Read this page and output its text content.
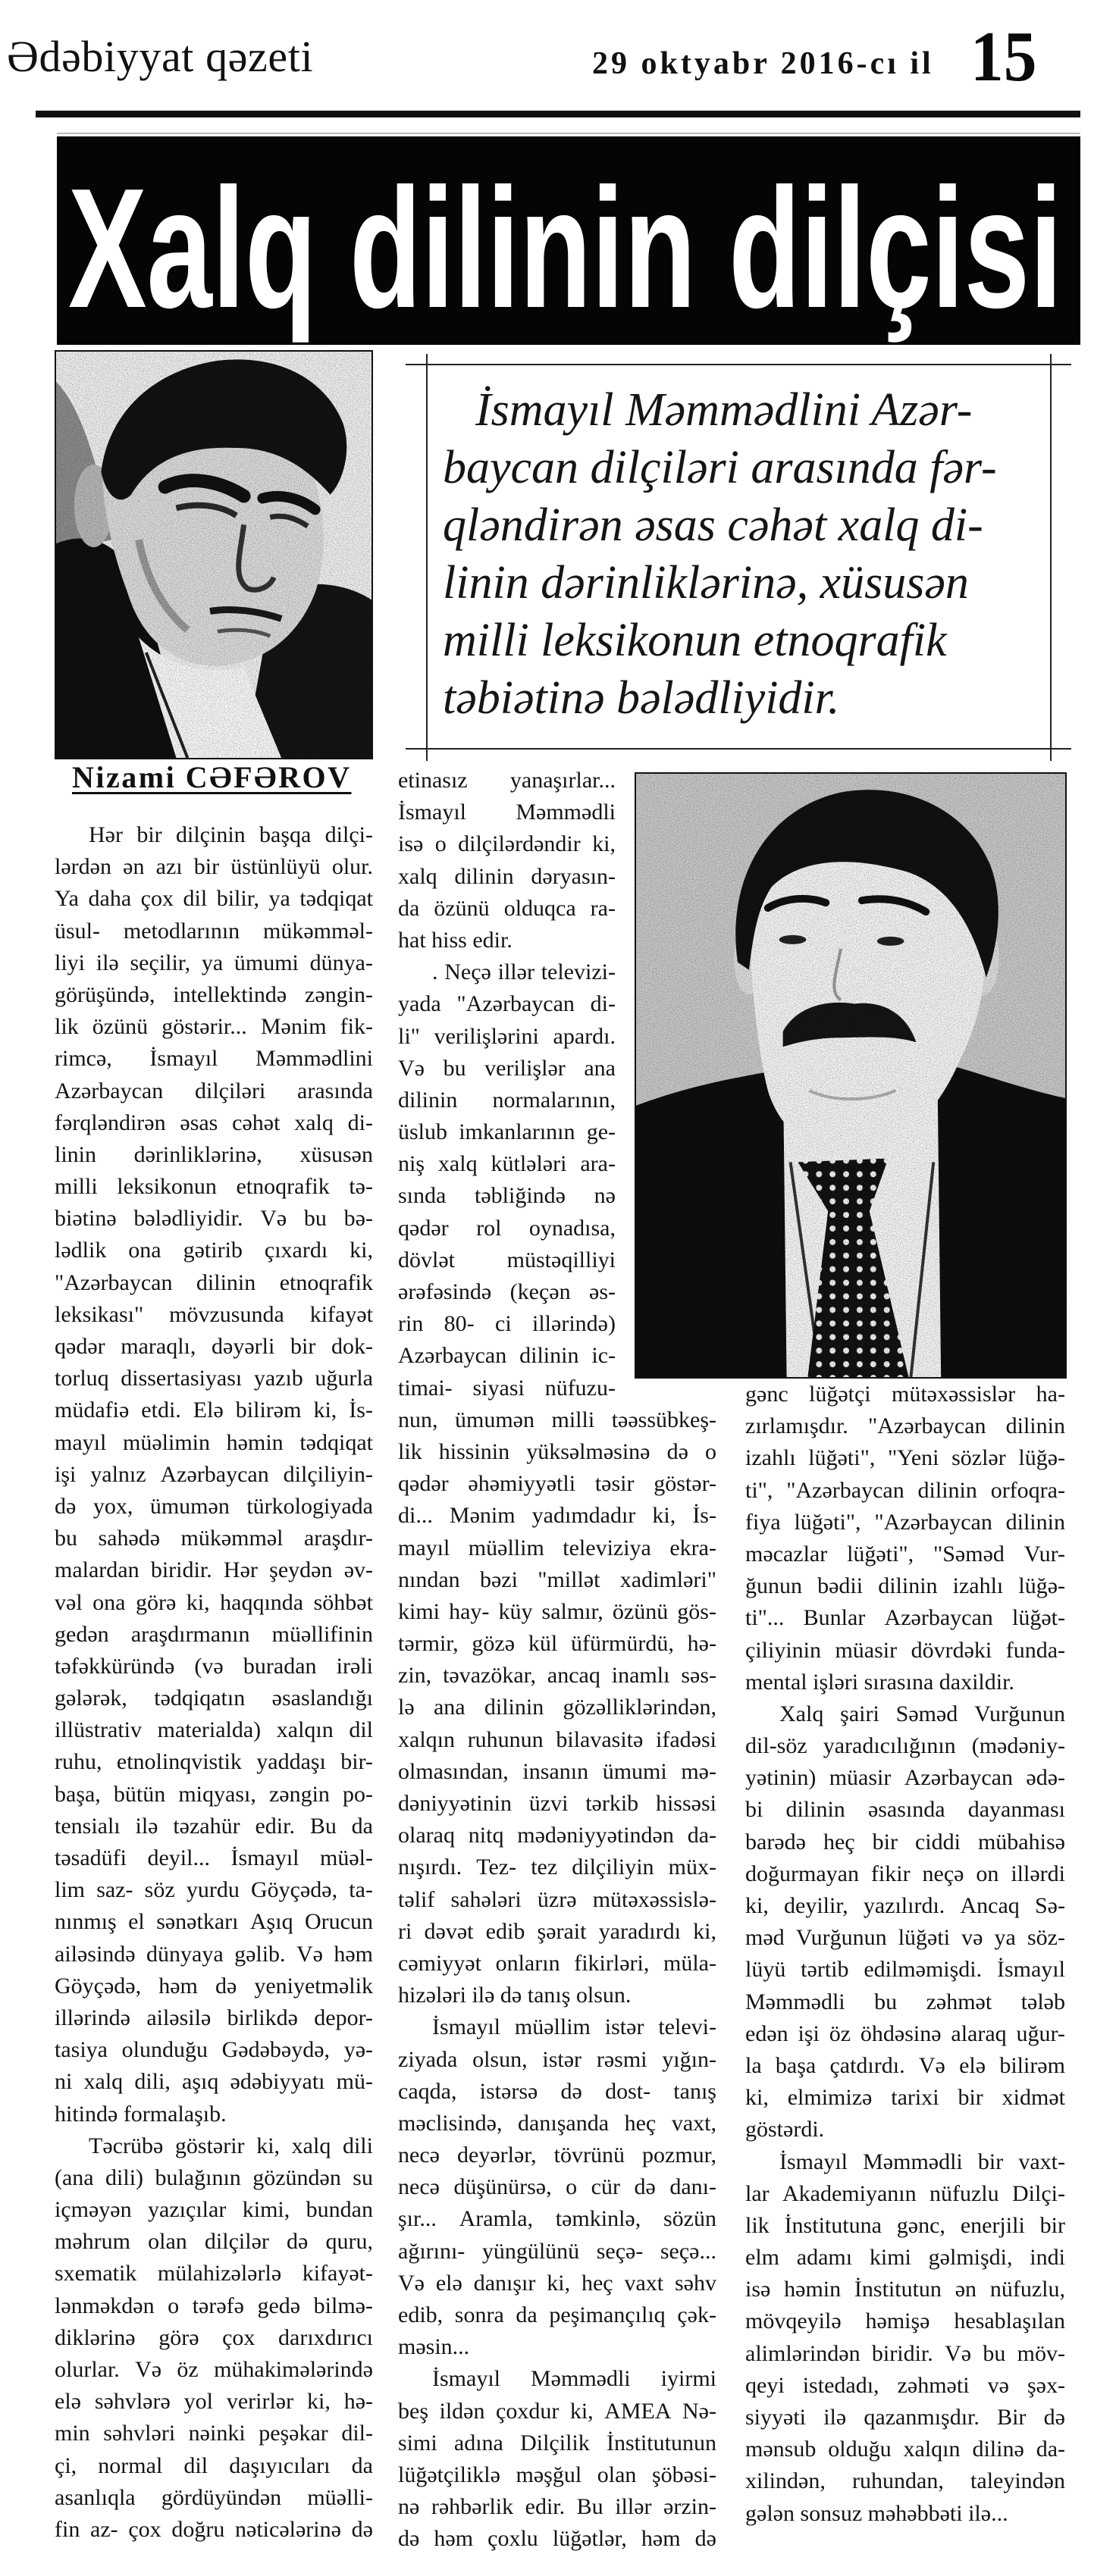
Ədəbiyyat qəzeti	29 oktyabr 2016-cı il 15
Xalq dilinin dilçisi
Nizami CƏFƏROV
İsmayıl Məmmədlini Azər-
baycan dilçiləri arasında fər-
qləndirən əsas cəhət xalq di-
linin dərinliklərinə, xüsusən
milli leksikonun etnoqrafik
təbiətinə bələdliyidir.
Hər bir dilçinin başqa dilçi-
lərdən ən azı bir üstünlüyü olur.
Ya daha çox dil bilir, ya tədqiqat
üsul- metodlarının mükəmməl-
liyi ilə seçilir, ya ümumi dünya-
görüşündə, intellektində zəngin-
lik özünü göstərir... Mənim fik-
rimcə, İsmayıl Məmmədlini
Azərbaycan dilçiləri arasında
fərqləndirən əsas cəhət xalq di-
linin dərinliklərinə, xüsusən
milli leksikonun etnoqrafik tə-
biətinə bələdliyidir. Və bu bə-
lədlik ona gətirib çıxardı ki,
"Azərbaycan dilinin etnoqrafik
leksikası" mövzusunda kifayət
qədər maraqlı, dəyərli bir dok-
torluq dissertasiyası yazıb uğurla
müdafiə etdi. Elə bilirəm ki, İs-
mayıl müəlimin həmin tədqiqat
işi yalnız Azərbaycan dilçiliyin-
də yox, ümumən türkologiyada
bu sahədə mükəmməl araşdır-
malardan biridir. Hər şeydən əv-
vəl ona görə ki, haqqında söhbət
gedən araşdırmanın müəllifinin
təfəkküründə (və buradan irəli
gələrək, tədqiqatın əsaslandığı
illüstrativ materialda) xalqın dil
ruhu, etnolinqvistik yaddaşı bir-
başa, bütün miqyası, zəngin po-
tensialı ilə təzahür edir. Bu da
təsadüfi deyil... İsmayıl müəl-
lim saz- söz yurdu Göyçədə, ta-
nınmış el sənətkarı Aşıq Orucun
ailəsində dünyaya gəlib. Və həm
Göyçədə, həm də yeniyetməlik
illərində ailəsilə birlikdə depor-
tasiya olunduğu Gədəbəydə, yə-
ni xalq dili, aşıq ədəbiyyatı mü-
hitində formalaşıb.
Təcrübə göstərir ki, xalq dili
(ana dili) bulağının gözündən su
içməyən yazıçılar kimi, bundan
məhrum olan dilçilər də quru,
sxematik mülahizələrlə kifayət-
lənməkdən o tərəfə gedə bilmə-
diklərinə görə çox darıxdırıcı
olurlar. Və öz mühakimələrində
elə səhvlərə yol verirlər ki, hə-
min səhvləri nəinki peşəkar dil-
çi, normal dil daşıyıcıları da
asanlıqla gördüyündən müəlli-
fin az- çox doğru nəticələrinə də
etinasız yanaşırlar...
İsmayıl Məmmədli
isə o dilçilərdəndir ki,
xalq dilinin dəryasın-
da özünü olduqca ra-
hat hiss edir.
. Neçə illər televizi-
yada "Azərbaycan di-
li" verilişlərini apardı.
Və bu verilişlər ana
dilinin normalarının,
üslub imkanlarının ge-
niş xalq kütlələri ara-
sında təbliğində nə
qədər rol oynadısa,
dövlət müstəqilliyi
ərəfəsində (keçən əs-
rin 80- ci illərində)
Azərbaycan dilinin ic-
timai- siyasi nüfuzu-
nun, ümumən milli təəssübkeş-
lik hissinin yüksəlməsinə də o
qədər əhəmiyyətli təsir göstər-
di... Mənim yadımdadır ki, İs-
mayıl müəllim televiziya ekra-
nından bəzi "millət xadimləri"
kimi hay- küy salmır, özünü gös-
tərmir, gözə kül üfürmürdü, hə-
zin, təvazökar, ancaq inamlı səs-
lə ana dilinin gözəlliklərindən,
xalqın ruhunun bilavasitə ifadəsi
olmasından, insanın ümumi mə-
dəniyyətinin üzvi tərkib hissəsi
olaraq nitq mədəniyyətindən da-
nışırdı. Tez- tez dilçiliyin müx-
təlif sahələri üzrə mütəxəssislə-
ri dəvət edib şərait yaradırdı ki,
cəmiyyət onların fikirləri, müla-
hizələri ilə də tanış olsun.
İsmayıl müəllim istər televi-
ziyada olsun, istər rəsmi yığın-
caqda, istərsə də dost- tanış
məclisində, danışanda heç vaxt,
necə deyərlər, tövrünü pozmur,
necə düşünürsə, o cür də danı-
şır... Aramla, təmkinlə, sözün
ağırını- yüngülünü seçə- seçə...
Və elə danışır ki, heç vaxt səhv
edib, sonra da peşimançılıq çək-
məsin...
İsmayıl Məmmədli iyirmi
beş ildən çoxdur ki, AMEA Nə-
simi adına Dilçilik İnstitutunun
lüğətçiliklə məşğul olan şöbəsi-
nə rəhbərlik edir. Bu illər ərzin-
də həm çoxlu lüğətlər, həm də
gənc lüğətçi mütəxəssislər ha-
zırlamışdır. "Azərbaycan dilinin
izahlı lüğəti", "Yeni sözlər lüğə-
ti", "Azərbaycan dilinin orfoqra-
fiya lüğəti", "Azərbaycan dilinin
məcazlar lüğəti", "Səməd Vur-
ğunun bədii dilinin izahlı lüğə-
ti"... Bunlar Azərbaycan lüğət-
çiliyinin müasir dövrdəki funda-
mental işləri sırasına daxildir.
Xalq şairi Səməd Vurğunun
dil-söz yaradıcılığının (mədəniy-
yətinin) müasir Azərbaycan ədə-
bi dilinin əsasında dayanması
barədə heç bir ciddi mübahisə
doğurmayan fikir neçə on illərdi
ki, deyilir, yazılırdı. Ancaq Sə-
məd Vurğunun lüğəti və ya söz-
lüyü tərtib edilməmişdi. İsmayıl
Məmmədli bu zəhmət tələb
edən işi öz öhdəsinə alaraq uğur-
la başa çatdırdı. Və elə bilirəm
ki, elmimizə tarixi bir xidmət
göstərdi.
İsmayıl Məmmədli bir vaxt-
lar Akademiyanın nüfuzlu Dilçi-
lik İnstitutuna gənc, enerjili bir
elm adamı kimi gəlmişdi, indi
isə həmin İnstitutun ən nüfuzlu,
mövqeyilə həmişə hesablaşılan
alimlərindən biridir. Və bu möv-
qeyi istedadı, zəhməti və şəx-
siyyəti ilə qazanmışdır. Bir də
mənsub olduğu xalqın dilinə da-
xilindən, ruhundan, taleyindən
gələn sonsuz məhəbbəti ilə...
